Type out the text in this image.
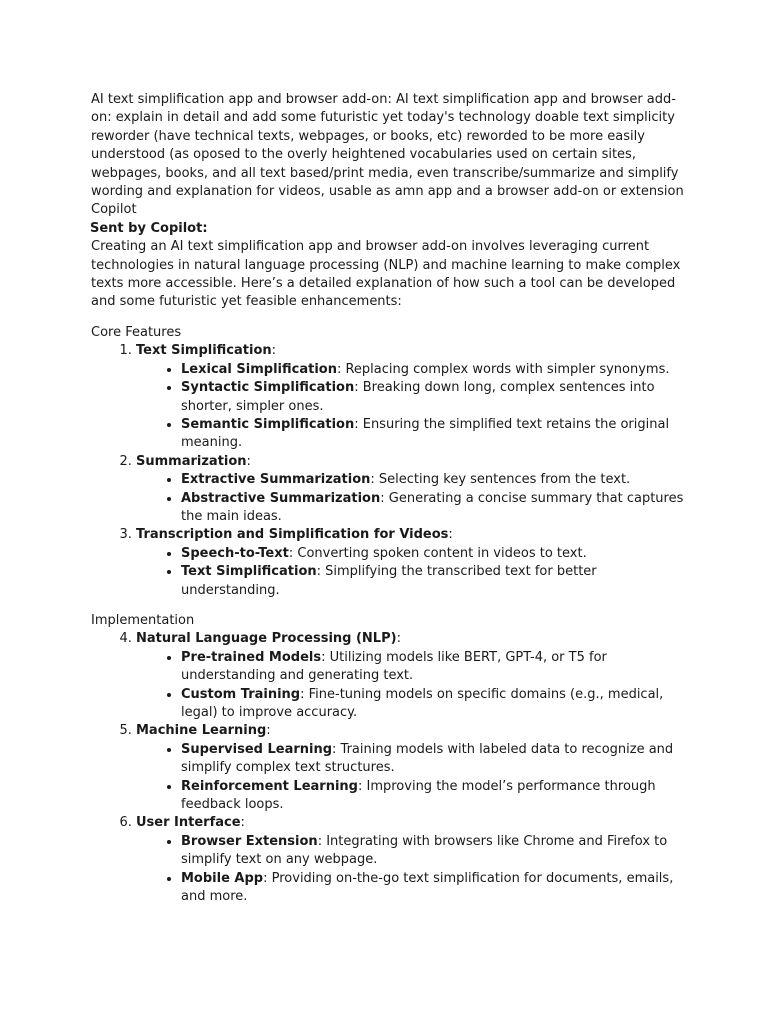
AI text simplification app and browser add-on: AI text simplification app and browser add-on: explain in detail and add some futuristic yet today's technology doable text simplicity reworder (have technical texts, webpages, or books, etc) reworded to be more easily understood (as oposed to the overly heightened vocabularies used on certain sites, webpages, books, and all text based/print media, even transcribe/summarize and simplify wording and explanation for videos, usable as amn app and a browser add-on or extension

Copilot

Sent by Copilot:

Creating an AI text simplification app and browser add-on involves leveraging current technologies in natural language processing (NLP) and machine learning to make complex texts more accessible. Here’s a detailed explanation of how such a tool can be developed and some futuristic yet feasible enhancements:

Core Features

1. Text Simplification:
• Lexical Simplification: Replacing complex words with simpler synonyms.
• Syntactic Simplification: Breaking down long, complex sentences into shorter, simpler ones.
• Semantic Simplification: Ensuring the simplified text retains the original meaning.
2. Summarization:
• Extractive Summarization: Selecting key sentences from the text.
• Abstractive Summarization: Generating a concise summary that captures the main ideas.
3. Transcription and Simplification for Videos:
• Speech-to-Text: Converting spoken content in videos to text.
• Text Simplification: Simplifying the transcribed text for better understanding.

Implementation

4. Natural Language Processing (NLP):
• Pre-trained Models: Utilizing models like BERT, GPT-4, or T5 for understanding and generating text.
• Custom Training: Fine-tuning models on specific domains (e.g., medical, legal) to improve accuracy.
5. Machine Learning:
• Supervised Learning: Training models with labeled data to recognize and simplify complex text structures.
• Reinforcement Learning: Improving the model’s performance through feedback loops.
6. User Interface:
• Browser Extension: Integrating with browsers like Chrome and Firefox to simplify text on any webpage.
• Mobile App: Providing on-the-go text simplification for documents, emails, and more.
